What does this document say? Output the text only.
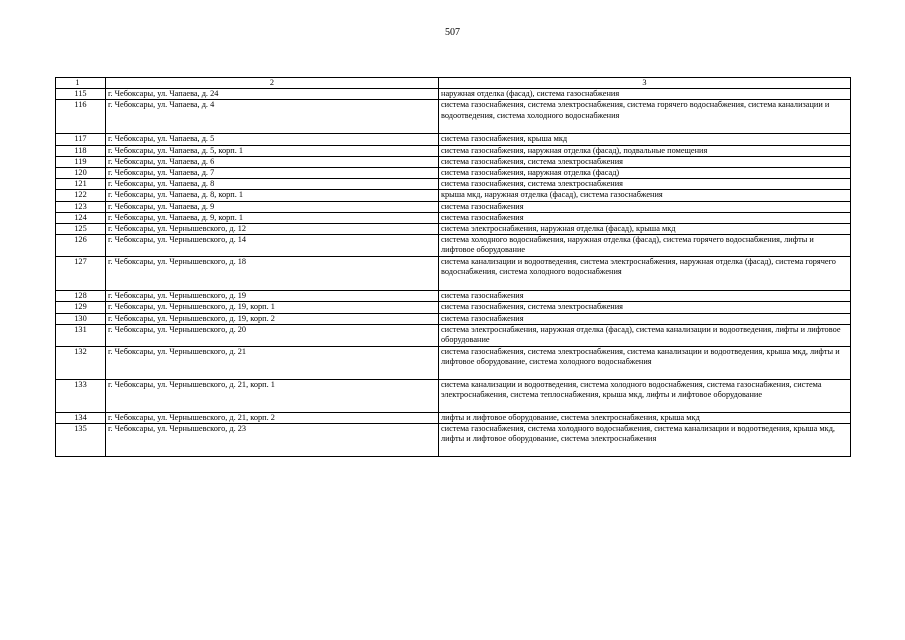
507
1	2	3
115	г. Чебоксары, ул. Чапаева, д. 24	наружная отделка (фасад), система газоснабжения
116	г. Чебоксары, ул. Чапаева, д. 4	система газоснабжения, система электроснабжения, система горячего водоснабжения, система канализации и водоотведения, система холодного водоснабжения
117	г. Чебоксары, ул. Чапаева, д. 5	система газоснабжения, крыша мкд
118	г. Чебоксары, ул. Чапаева, д. 5, корп. 1	система газоснабжения, наружная отделка (фасад), подвальные помещения
119	г. Чебоксары, ул. Чапаева, д. 6	система газоснабжения, система электроснабжения
120	г. Чебоксары, ул. Чапаева, д. 7	система газоснабжения, наружная отделка (фасад)
121	г. Чебоксары, ул. Чапаева, д. 8	система газоснабжения, система электроснабжения
122	г. Чебоксары, ул. Чапаева, д. 8, корп. 1	крыша мкд, наружная отделка (фасад), система газоснабжения
123	г. Чебоксары, ул. Чапаева, д. 9	система газоснабжения
124	г. Чебоксары, ул. Чапаева, д. 9, корп. 1	система газоснабжения
125	г. Чебоксары, ул. Чернышевского, д. 12	система электроснабжения, наружная отделка (фасад), крыша мкд
126	г. Чебоксары, ул. Чернышевского, д. 14	система холодного водоснабжения, наружная отделка (фасад), система горячего водоснабжения, лифты и лифтовое оборудование
127	г. Чебоксары, ул. Чернышевского, д. 18	система канализации и водоотведения, система электроснабжения, наружная отделка (фасад), система горячего водоснабжения, система холодного водоснабжения
128	г. Чебоксары, ул. Чернышевского, д. 19	система газоснабжения
129	г. Чебоксары, ул. Чернышевского, д. 19, корп. 1	система газоснабжения, система электроснабжения
130	г. Чебоксары, ул. Чернышевского, д. 19, корп. 2	система газоснабжения
131	г. Чебоксары, ул. Чернышевского, д. 20	система электроснабжения, наружная отделка (фасад), система канализации и водоотведения, лифты и лифтовое оборудование
132	г. Чебоксары, ул. Чернышевского, д. 21	система газоснабжения, система электроснабжения, система канализации и водоотведения, крыша мкд, лифты и лифтовое оборудование, система холодного водоснабжения
133	г. Чебоксары, ул. Чернышевского, д. 21, корп. 1	система канализации и водоотведения, система холодного водоснабжения, система газоснабжения, система электроснабжения, система теплоснабжения, крыша мкд, лифты и лифтовое оборудование
134	г. Чебоксары, ул. Чернышевского, д. 21, корп. 2	лифты и лифтовое оборудование, система электроснабжения, крыша мкд
135	г. Чебоксары, ул. Чернышевского, д. 23	система газоснабжения, система холодного водоснабжения, система канализации и водоотведения, крыша мкд, лифты и лифтовое оборудование, система электроснабжения
